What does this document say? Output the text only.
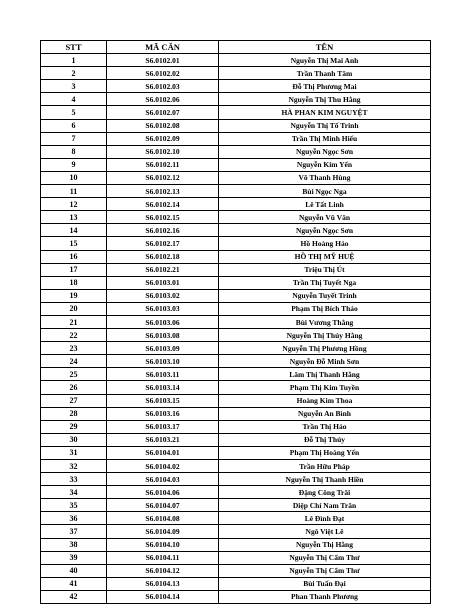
STT	MÃ CĂN	TÊN
1	S6.0102.01	Nguyễn Thị Mai Anh
2	S6.0102.02	Trần Thanh Tâm
3	S6.0102.03	Đỗ Thị Phương Mai
4	S6.0102.06	Nguyễn Thị Thu Hằng
5	S6.0102.07	HÀ PHAN KIM NGUYỆT
6	S6.0102.08	Nguyễn Thị Tố Trinh
7	S6.0102.09	Trần Thị Minh Hiếu
8	S6.0102.10	Nguyễn Ngọc Sơn
9	S6.0102.11	Nguyễn Kim Yến
10	S6.0102.12	Võ Thanh Hùng
11	S6.0102.13	Bùi Ngọc Nga
12	S6.0102.14	Lê Tất Linh
13	S6.0102.15	Nguyễn Vũ Văn
14	S6.0102.16	Nguyễn Ngọc Sơn
15	S6.0102.17	Hồ Hoàng Hảo
16	S6.0102.18	HỒ THỊ MỸ HUỆ
17	S6.0102.21	Triệu Thị Út
18	S6.0103.01	Trần Thị Tuyết Nga
19	S6.0103.02	Nguyễn Tuyết Trinh
20	S6.0103.03	Phạm Thị Bích Thảo
21	S6.0103.06	Bùi Vương Thắng
22	S6.0103.08	Nguyễn Thị Thúy Hằng
23	S6.0103.09	Nguyễn Thị Phương Hồng
24	S6.0103.10	Nguyễn Đỗ Minh Sơn
25	S6.0103.11	Lâm Thị Thanh Hằng
26	S6.0103.14	Phạm Thị Kim Tuyền
27	S6.0103.15	Hoàng Kim Thoa
28	S6.0103.16	Nguyễn An Bình
29	S6.0103.17	Trần Thị Hảo
30	S6.0103.21	Đỗ Thị Thúy
31	S6.0104.01	Phạm Thị Hoàng Yến
32	S6.0104.02	Trần Hữu Pháp
33	S6.0104.03	Nguyễn Thị Thanh Hiền
34	S6.0104.06	Đặng Công Trãi
35	S6.0104.07	Diệp Chí Nam Trân
36	S6.0104.08	Lê Đình Đạt
37	S6.0104.09	Ngô Việt Lê
38	S6.0104.10	Nguyễn Thị Hằng
39	S6.0104.11	Nguyễn Thị Cẩm Thư
40	S6.0104.12	Nguyễn Thị Cẩm Thư
41	S6.0104.13	Bùi Tuấn Đại
42	S6.0104.14	Phan Thanh Phương
